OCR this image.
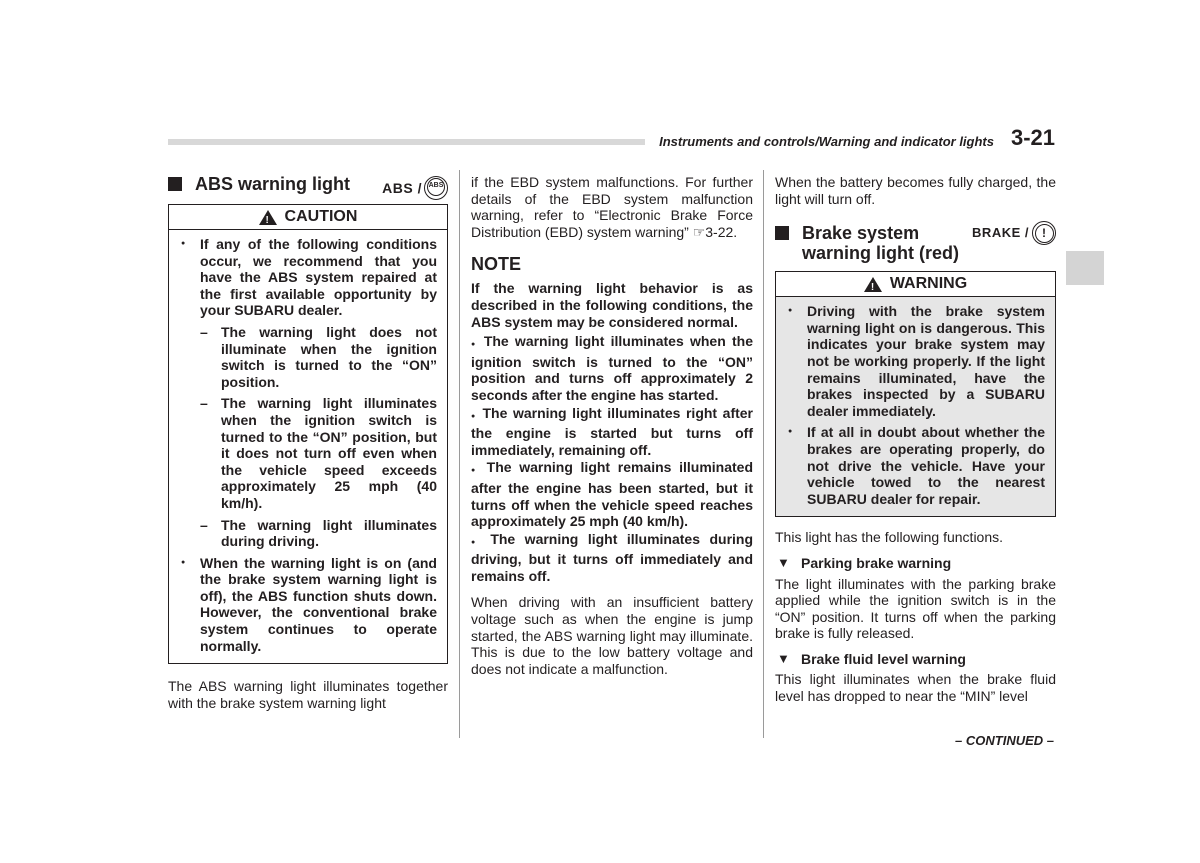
Instruments and controls/Warning and indicator lights 3-21
ABS warning light	ABS / ABS
! CAUTION

● If any of the following conditions occur, we recommend that you have the ABS system repaired at the first available opportunity by your SUBARU dealer.

– The warning light does not illuminate when the ignition switch is turned to the “ON” position.

– The warning light illuminates when the ignition switch is turned to the “ON” position, but it does not turn off even when the vehicle speed exceeds approximately 25 mph (40 km/h).

– The warning light illuminates during driving.

● When the warning light is on (and the brake system warning light is off), the ABS function shuts down. However, the conventional brake system continues to operate normally.

The ABS warning light illuminates together with the brake system warning light

if the EBD system malfunctions. For further details of the EBD system malfunction warning, refer to “Electronic Brake Force Distribution (EBD) system warning” ☞3-22.

NOTE

If the warning light behavior is as described in the following conditions, the ABS system may be considered normal.

● The warning light illuminates when the ignition switch is turned to the “ON” position and turns off approximately 2 seconds after the engine has started.

● The warning light illuminates right after the engine is started but turns off immediately, remaining off.

● The warning light remains illuminated after the engine has been started, but it turns off when the vehicle speed reaches approximately 25 mph (40 km/h).

● The warning light illuminates during driving, but it turns off immediately and remains off.

When driving with an insufficient battery voltage such as when the engine is jump started, the ABS warning light may illuminate. This is due to the low battery voltage and does not indicate a malfunction.

When the battery becomes fully charged, the light will turn off.

Brake system warning light (red)
BRAKE /	!
! WARNING

● Driving with the brake system warning light on is dangerous. This indicates your brake system may not be working properly. If the light remains illuminated, have the brakes inspected by a SUBARU dealer immediately.

● If at all in doubt about whether the brakes are operating properly, do not drive the vehicle. Have your vehicle towed to the nearest SUBARU dealer for repair.

This light has the following functions.

▼ Parking brake warning

The light illuminates with the parking brake applied while the ignition switch is in the “ON” position. It turns off when the parking brake is fully released.

▼ Brake fluid level warning

This light illuminates when the brake fluid level has dropped to near the “MIN” level

– CONTINUED –
